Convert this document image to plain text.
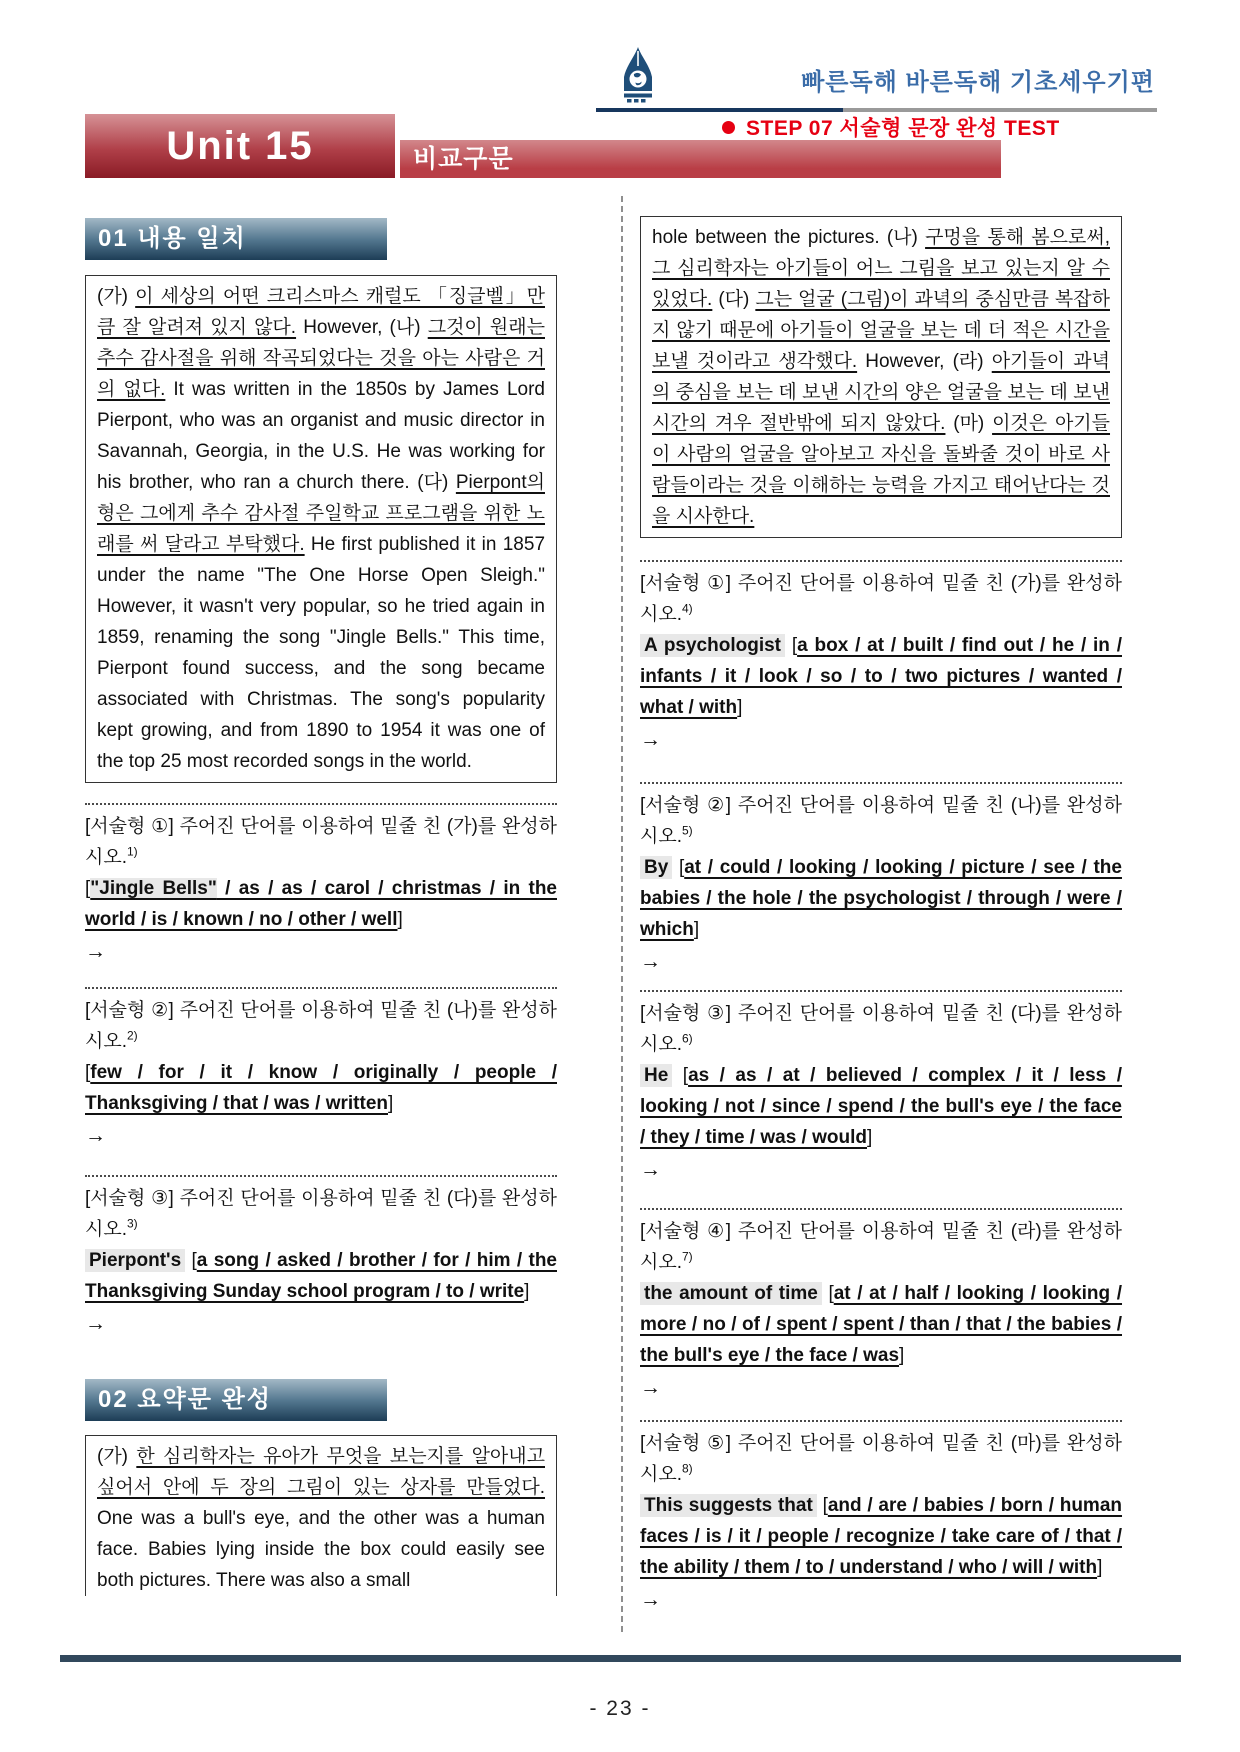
빠른독해 바른독해 기초세우기편
STEP 07 서술형 문장 완성 TEST
Unit 15	비교구문
01 내용 일치
(가) 이 세상의 어떤 크리스마스 캐럴도 「징글벨」만큼 잘 알려져 있지 않다. However, (나) 그것이 원래는 추수 감사절을 위해 작곡되었다는 것을 아는 사람은 거의 없다. It was written in the 1850s by James Lord Pierpont, who was an organist and music director in Savannah, Georgia, in the U.S. He was working for his brother, who ran a church there. (다) Pierpont의 형은 그에게 추수 감사절 주일학교 프로그램을 위한 노래를 써 달라고 부탁했다. He first published it in 1857 under the name "The One Horse Open Sleigh." However, it wasn't very popular, so he tried again in 1859, renaming the song "Jingle Bells." This time, Pierpont found success, and the song became associated with Christmas. The song's popularity kept growing, and from 1890 to 1954 it was one of the top 25 most recorded songs in the world.
[서술형 ①] 주어진 단어를 이용하여 밑줄 친 (가)를 완성하시오.$^{1)}$
["Jingle Bells" / as / as / carol / christmas / in the world / is / known / no / other / well]
→
[서술형 ②] 주어진 단어를 이용하여 밑줄 친 (나)를 완성하시오.$^{2)}$
[few / for / it / know / originally / people / Thanksgiving / that / was / written]
→
[서술형 ③] 주어진 단어를 이용하여 밑줄 친 (다)를 완성하시오.$^{3)}$
Pierpont's [a song / asked / brother / for / him / the Thanksgiving Sunday school program / to / write]
→
02 요약문 완성
(가) 한 심리학자는 유아가 무엇을 보는지를 알아내고 싶어서 안에 두 장의 그림이 있는 상자를 만들었다. One was a bull's eye, and the other was a human face. Babies lying inside the box could easily see both pictures. There was also a small
hole between the pictures. (나) 구멍을 통해 봄으로써, 그 심리학자는 아기들이 어느 그림을 보고 있는지 알 수 있었다. (다) 그는 얼굴 (그림)이 과녁의 중심만큼 복잡하지 않기 때문에 아기들이 얼굴을 보는 데 더 적은 시간을 보낼 것이라고 생각했다. However, (라) 아기들이 과녁의 중심을 보는 데 보낸 시간의 양은 얼굴을 보는 데 보낸 시간의 겨우 절반밖에 되지 않았다. (마) 이것은 아기들이 사람의 얼굴을 알아보고 자신을 돌봐줄 것이 바로 사람들이라는 것을 이해하는 능력을 가지고 태어난다는 것을 시사한다.
[서술형 ①] 주어진 단어를 이용하여 밑줄 친 (가)를 완성하시오.$^{4)}$
A psychologist [a box / at / built / find out / he / in / infants / it / look / so / to / two pictures / wanted / what / with]
→
[서술형 ②] 주어진 단어를 이용하여 밑줄 친 (나)를 완성하시오.$^{5)}$
By [at / could / looking / looking / picture / see / the babies / the hole / the psychologist / through / were / which]
→
[서술형 ③] 주어진 단어를 이용하여 밑줄 친 (다)를 완성하시오.$^{6)}$
He [as / as / at / believed / complex / it / less / looking / not / since / spend / the bull's eye / the face / they / time / was / would]
→
[서술형 ④] 주어진 단어를 이용하여 밑줄 친 (라)를 완성하시오.$^{7)}$
the amount of time [at / at / half / looking / looking / more / no / of / spent / spent / than / that / the babies / the bull's eye / the face / was]
→
[서술형 ⑤] 주어진 단어를 이용하여 밑줄 친 (마)를 완성하시오.$^{8)}$
This suggests that [and / are / babies / born / human faces / is / it / people / recognize / take care of / that / the ability / them / to / understand / who / will / with]
→
- 23 -
